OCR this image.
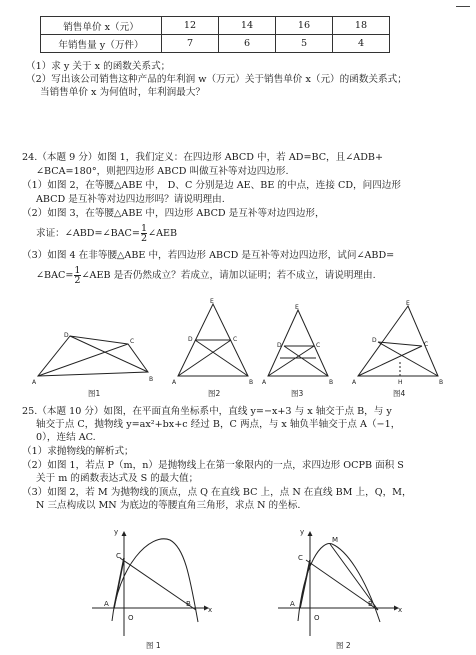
销售单价 x（元）	12	14	16	18
年销售量 y（万件）	7	6	5	4
（1）求 y 关于 x 的函数关系式；
（2）写出该公司销售这种产品的年利润 w（万元）关于销售单价 x（元）的函数关系式；
当销售单价 x 为何值时，年利润最大？
24.（本题 9 分）如图 1，我们定义：在四边形 ABCD 中，若 AD=BC，且∠ADB+
∠BCA=180°，则把四边形 ABCD 叫做互补等对边四边形.
（1）如图 2，在等腰△ABE 中， D、C 分别是边 AE、BE 的中点，连接 CD，问四边形
ABCD 是互补等对边四边形吗？请说明理由.
（2）如图 3，在等腰△ABE 中，四边形 ABCD 是互补等对边四边形，
求证：∠ABD=∠BAC= $\frac{1}{2}$ ∠AEB
（3）如图 4 在非等腰△ABE 中，若四边形 ABCD 是互补等对边四边形，试问∠ABD=
∠BAC= $\frac{1}{2}$ ∠AEB 是否仍然成立？若成立，请加以证明；若不成立，请说明理由.
A	B
D
C
A	B
E
D	C
A	B
E
D	C
A	B
E
D
C
H
图1	图2	图3	图4
25.（本题 10 分）如图，在平面直角坐标系中，直线 y=−x+3 与 x 轴交于点 B，与 y
轴交于点 C，抛物线 y=ax²+bx+c 经过 B，C 两点，与 x 轴负半轴交于点 A（−1，
0），连结 AC.
（1）求抛物线的解析式；
（2）如图 1，若点 P（m，n）是抛物线上在第一象限内的一点，求四边形 OCPB 面积 S
关于 m 的函数表达式及 S 的最大值；
（3）如图 2，若 M 为抛物线的顶点，点 Q 在直线 BC 上，点 N 在直线 BM 上，Q，M，
N 三点构成以 MN 为底边的等腰直角三角形，求点 N 的坐标.
y
x
A
C
B
O
y
x
A
C
M
B
O
图 1	图 2
